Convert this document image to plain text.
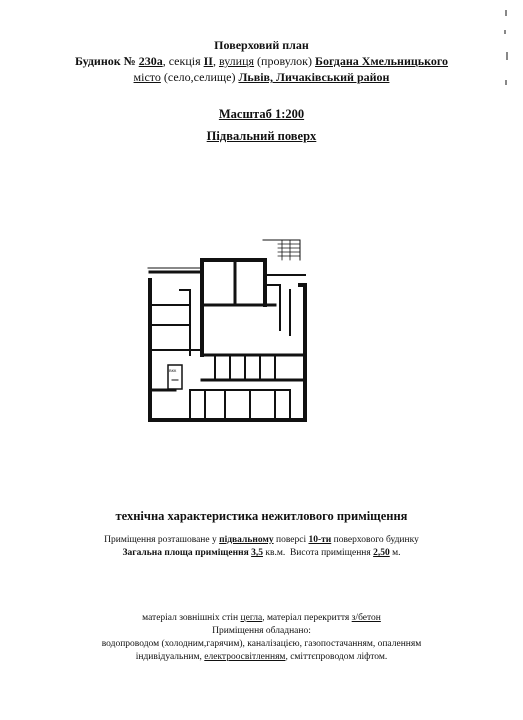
Поверховий план
Будинок № 230а, секція II, вулиця (провулок) Богдана Хмельницького
місто (село,селище) Львів, Личаківський район
Масштаб 1:200
Підвальний поверх
ВКК
технічна характеристика нежитлового приміщення
Приміщення розташоване у підвальному поверсі 10-ти поверхового будинку
Загальна площа приміщення 3,5 кв.м. Висота приміщення 2,50 м.
матеріал зовнішніх стін цегла, матеріал перекриття з/бетон
Приміщення обладнано:
водопроводом (холодним,гарячим), каналізацією, газопостачанням, опаленням
індивідуальним, електроосвітленням, сміттєпроводом ліфтом.
